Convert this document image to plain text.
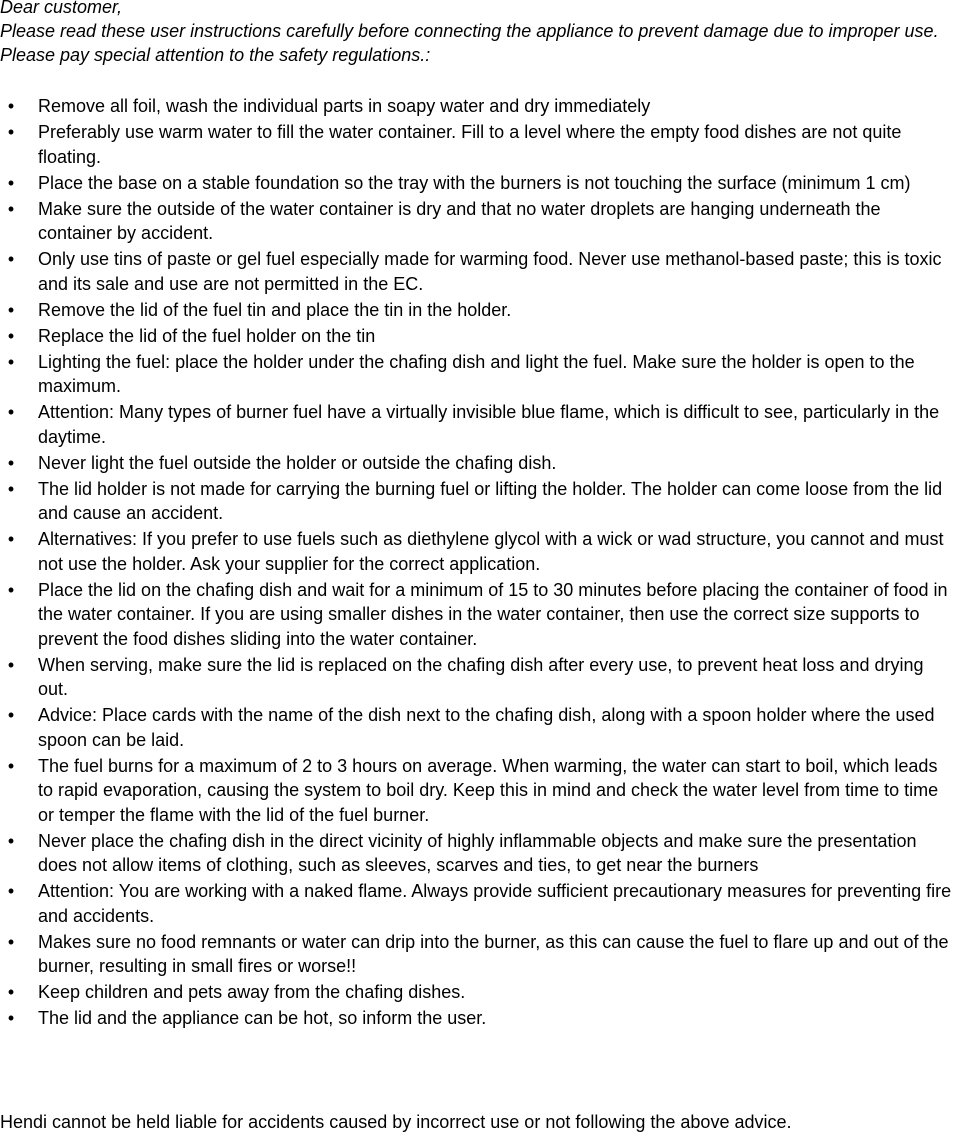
Dear customer,

Please read these user instructions carefully before connecting the appliance to prevent damage due to improper use. Please pay special attention to the safety regulations.:

• Remove all foil, wash the individual parts in soapy water and dry immediately
• Preferably use warm water to fill the water container. Fill to a level where the empty food dishes are not quite floating.
• Place the base on a stable foundation so the tray with the burners is not touching the surface (minimum 1 cm)
• Make sure the outside of the water container is dry and that no water droplets are hanging underneath the container by accident.
• Only use tins of paste or gel fuel especially made for warming food. Never use methanol-based paste; this is toxic and its sale and use are not permitted in the EC.
• Remove the lid of the fuel tin and place the tin in the holder.
• Replace the lid of the fuel holder on the tin
• Lighting the fuel: place the holder under the chafing dish and light the fuel. Make sure the holder is open to the maximum.
• Attention: Many types of burner fuel have a virtually invisible blue flame, which is difficult to see, particularly in the daytime.
• Never light the fuel outside the holder or outside the chafing dish.
• The lid holder is not made for carrying the burning fuel or lifting the holder. The holder can come loose from the lid and cause an accident.
• Alternatives: If you prefer to use fuels such as diethylene glycol with a wick or wad structure, you cannot and must not use the holder. Ask your supplier for the correct application.
• Place the lid on the chafing dish and wait for a minimum of 15 to 30 minutes before placing the container of food in the water container. If you are using smaller dishes in the water container, then use the correct size supports to prevent the food dishes sliding into the water container.
• When serving, make sure the lid is replaced on the chafing dish after every use, to prevent heat loss and drying out.
• Advice: Place cards with the name of the dish next to the chafing dish, along with a spoon holder where the used spoon can be laid.
• The fuel burns for a maximum of 2 to 3 hours on average. When warming, the water can start to boil, which leads to rapid evaporation, causing the system to boil dry. Keep this in mind and check the water level from time to time or temper the flame with the lid of the fuel burner.
• Never place the chafing dish in the direct vicinity of highly inflammable objects and make sure the presentation does not allow items of clothing, such as sleeves, scarves and ties, to get near the burners
• Attention: You are working with a naked flame. Always provide sufficient precautionary measures for preventing fire and accidents.
• Makes sure no food remnants or water can drip into the burner, as this can cause the fuel to flare up and out of the burner, resulting in small fires or worse!!
• Keep children and pets away from the chafing dishes.
• The lid and the appliance can be hot, so inform the user.
Hendi cannot be held liable for accidents caused by incorrect use or not following the above advice.
